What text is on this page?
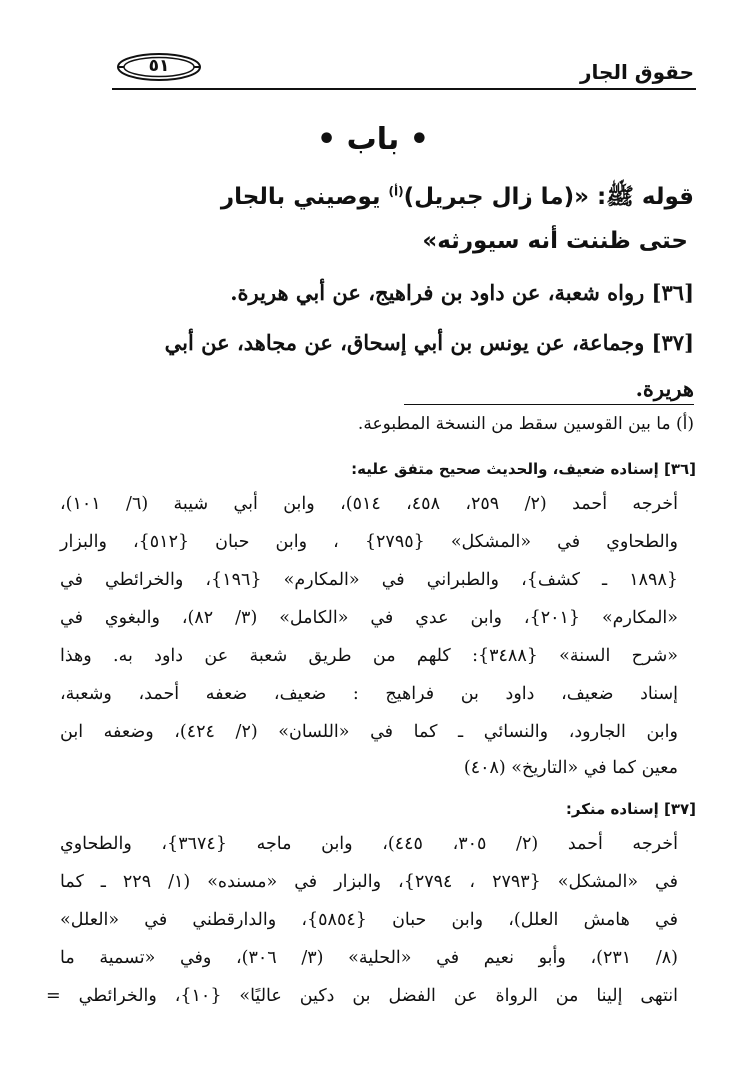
٥١	حقوق الجار
• باب •
قوله ﷺ: «(ما زال جبريل)$^{(أ)}$ يوصيني بالجار
حتى ظننت أنه سيورثه»
[٣٦] رواه شعبة، عن داود بن فراهيج، عن أبي هريرة.
[٣٧] وجماعة، عن يونس بن أبي إسحاق، عن مجاهد، عن أبي
هريرة.
(أ) ما بين القوسين سقط من النسخة المطبوعة.
[٣٦] إسناده ضعيف، والحديث صحيح متفق عليه:
أخرجه أحمد (٢/ ٢٥٩، ٤٥٨، ٥١٤)، وابن أبي شيبة (٦/ ١٠١)،
والطحاوي في «المشكل» {٢٧٩٥} ، وابن حبان {٥١٢}، والبزار
{١٨٩٨ ـ كشف}، والطبراني في «المكارم» {١٩٦}، والخرائطي في
«المكارم» {٢٠١}، وابن عدي في «الكامل» (٣/ ٨٢)، والبغوي في
«شرح السنة» {٣٤٨٨}: كلهم من طريق شعبة عن داود به. وهذا
إسناد ضعيف، داود بن فراهيج : ضعيف، ضعفه أحمد، وشعبة،
وابن الجارود، والنسائي ـ كما في «اللسان» (٢/ ٤٢٤)، وضعفه ابن
معين كما في «التاريخ» (٤٠٨)
[٣٧] إسناده منكر:
أخرجه أحمد (٢/ ٣٠٥، ٤٤٥)، وابن ماجه {٣٦٧٤}، والطحاوي
في «المشكل» {٢٧٩٣ ، ٢٧٩٤}، والبزار في «مسنده» (١/ ٢٢٩ ـ كما
في هامش العلل)، وابن حبان {٥٨٥٤}، والدارقطني في «العلل»
(٨/ ٢٣١)، وأبو نعيم في «الحلية» (٣/ ٣٠٦)، وفي «تسمية ما
انتهى إلينا من الرواة عن الفضل بن دكين عاليًا» {١٠}، والخرائطي =
